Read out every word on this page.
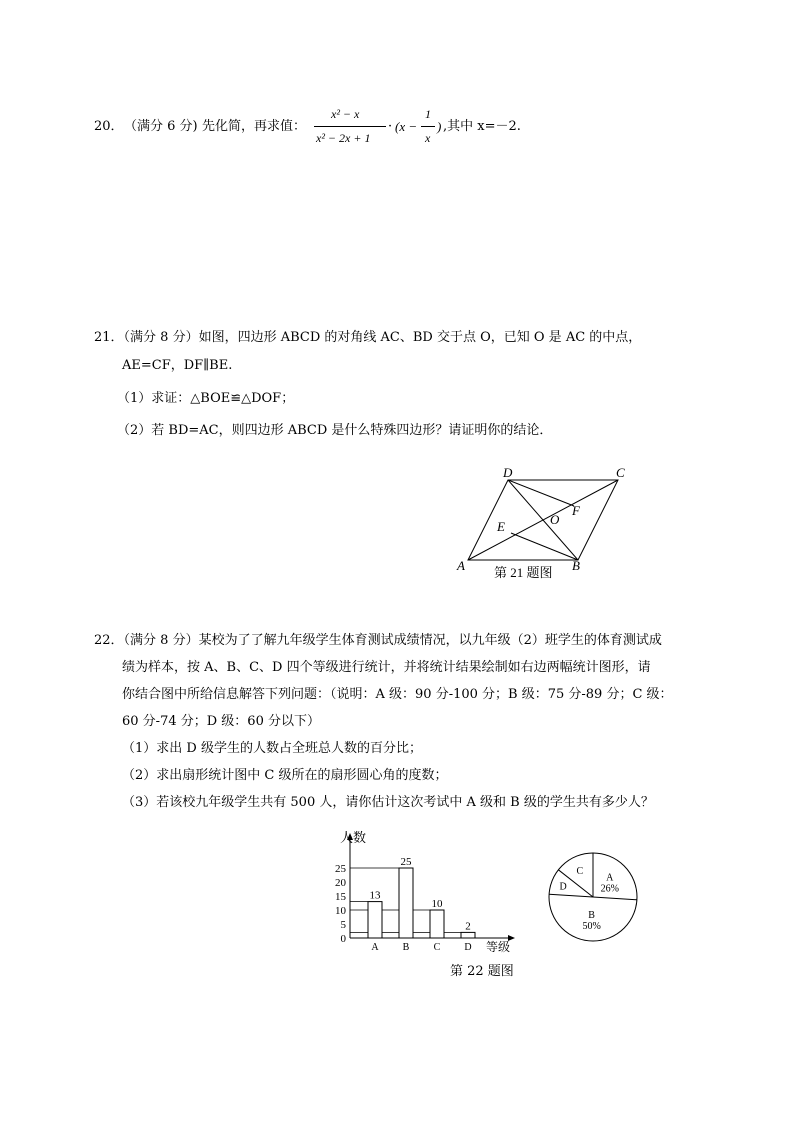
20． （满分 6 分) 先化简，再求值：
x² − x
x² − 2x + 1
· (x −
1
x
) ,其中 x=－2.
21．（满分 8 分）如图，四边形 ABCD 的对角线 AC、BD 交于点 O，已知 O 是 AC 的中点，
AE=CF，DF∥BE.
（1）求证：△BOE≌△DOF；
（2）若 BD=AC，则四边形 ABCD 是什么特殊四边形？请证明你的结论．
A	B
C
D
E
F
O
第 21 题图
22．（满分 8 分）某校为了了解九年级学生体育测试成绩情况，以九年级（2）班学生的体育测试成
绩为样本，按 A、B、C、D 四个等级进行统计，并将统计结果绘制如右边两幅统计图形，请
你结合图中所给信息解答下列问题：（说明：A 级：90 分-100 分；B 级：75 分-89 分；C 级：
60 分-74 分；D 级：60 分以下）
（1）求出 D 级学生的人数占全班总人数的百分比；
（2）求出扇形统计图中 C 级所在的扇形圆心角的度数；
（3）若该校九年级学生共有 500 人，请你估计这次考试中 A 级和 B 级的学生共有多少人？
人数
等级
0
5
10
15
20
25
13
A
25
B
10
C
2
D
A
26%
B
50%
C
D
第 22 题图
